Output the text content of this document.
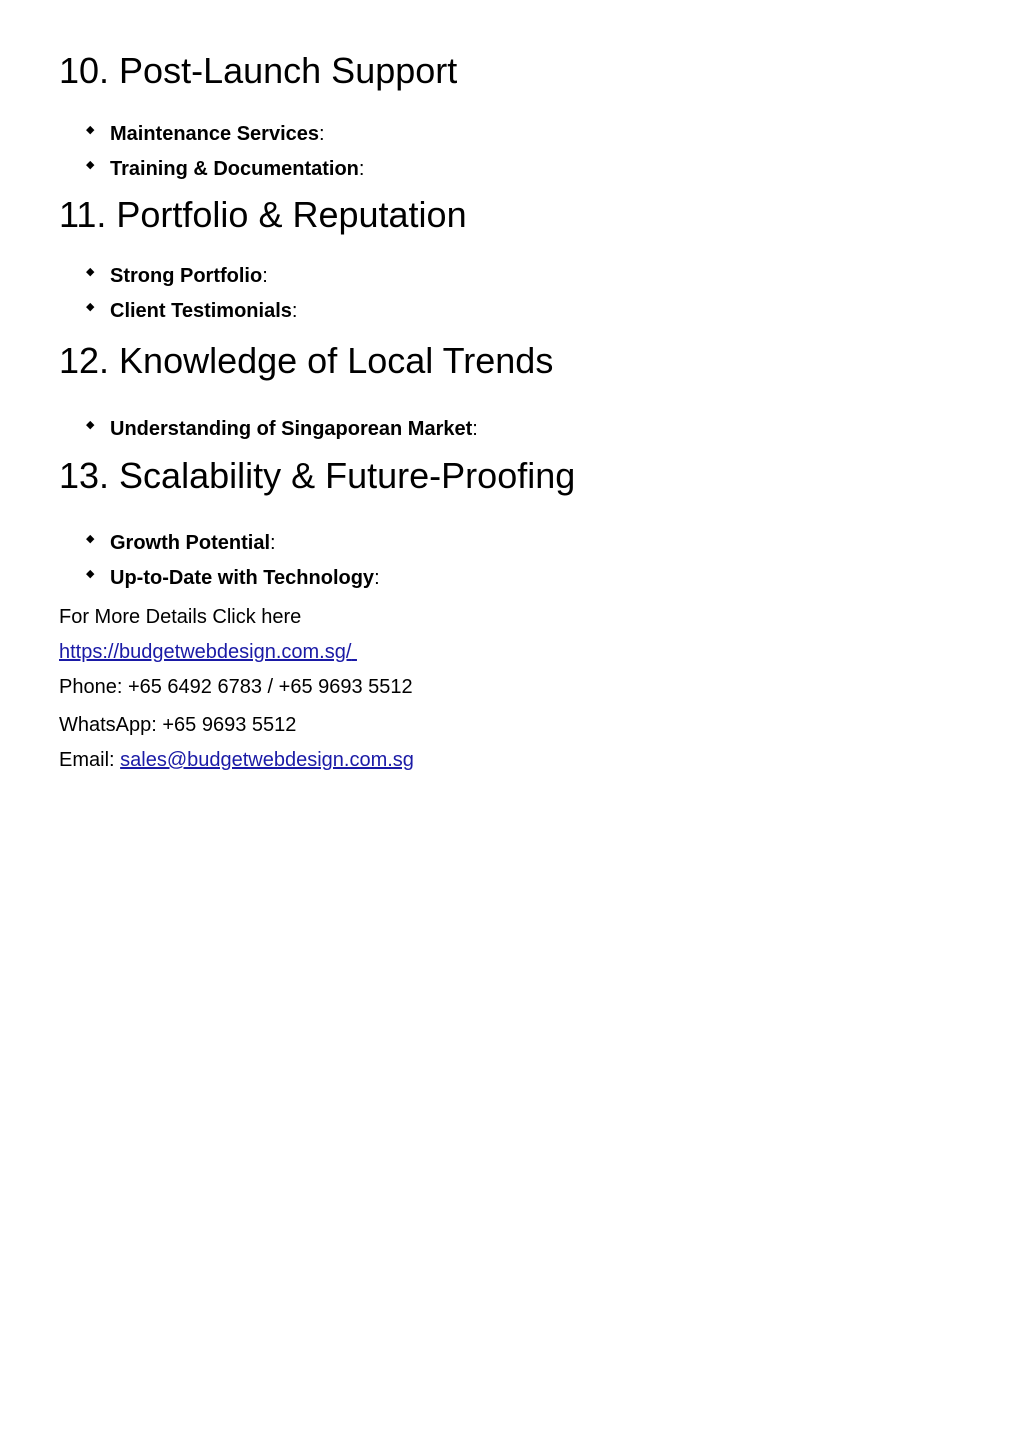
10. Post-Launch Support
◆ Maintenance Services:
◆ Training & Documentation:
11. Portfolio & Reputation
◆ Strong Portfolio:
◆ Client Testimonials:
12. Knowledge of Local Trends
◆ Understanding of Singaporean Market:
13. Scalability & Future-Proofing
◆ Growth Potential:
◆ Up-to-Date with Technology:
For More Details Click here
https://budgetwebdesign.com.sg/
Phone: +65 6492 6783 / +65 9693 5512
WhatsApp: +65 9693 5512
Email: sales@budgetwebdesign.com.sg
